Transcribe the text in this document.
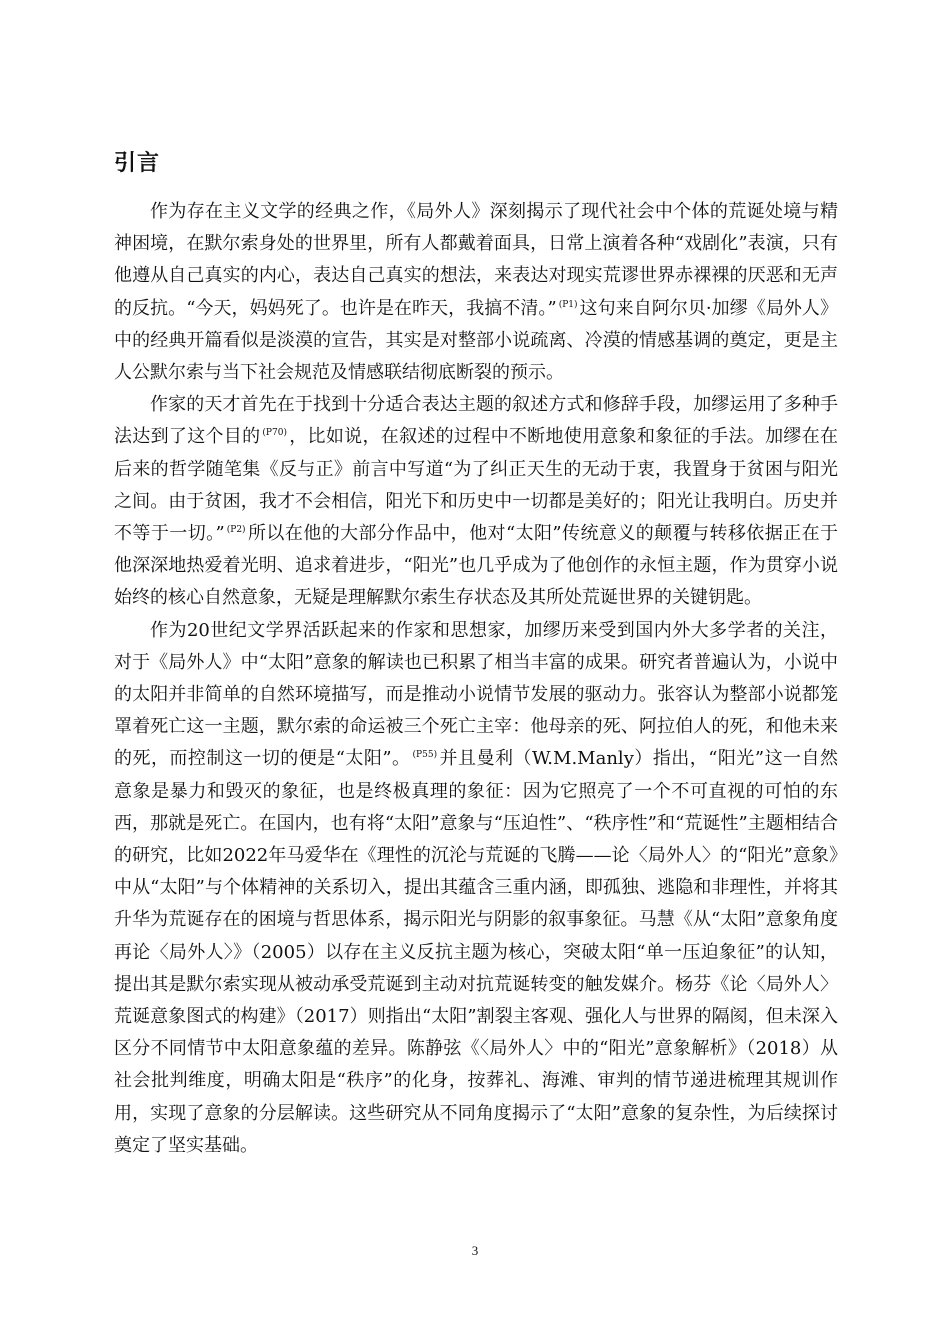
引言

作为存在主义文学的经典之作，《局外人》深刻揭示了现代社会中个体的荒诞处境与精神困境，在默尔索身处的世界里，所有人都戴着面具，日常上演着各种“戏剧化”表演，只有他遵从自己真实的内心，表达自己真实的想法，来表达对现实荒谬世界赤裸裸的厌恶和无声的反抗。“今天，妈妈死了。也许是在昨天，我搞不清。” $^{(P1)}$ 这句来自阿尔贝·加缪《局外人》中的经典开篇看似是淡漠的宣告，其实是对整部小说疏离、冷漠的情感基调的奠定，更是主人公默尔索与当下社会规范及情感联结彻底断裂的预示。

作家的天才首先在于找到十分适合表达主题的叙述方式和修辞手段，加缪运用了多种手法达到了这个目的 $^{(P70)}$ ，比如说，在叙述的过程中不断地使用意象和象征的手法。加缪在在后来的哲学随笔集《反与正》前言中写道“为了纠正天生的无动于衷，我置身于贫困与阳光之间。由于贫困，我才不会相信，阳光下和历史中一切都是美好的；阳光让我明白。历史并不等于一切。” $^{(P2)}$ 所以在他的大部分作品中，他对“太阳”传统意义的颠覆与转移依据正在于他深深地热爱着光明、追求着进步，“阳光”也几乎成为了他创作的永恒主题，作为贯穿小说始终的核心自然意象，无疑是理解默尔索生存状态及其所处荒诞世界的关键钥匙。

作为20世纪文学界活跃起来的作家和思想家，加缪历来受到国内外大多学者的关注，对于《局外人》中“太阳”意象的解读也已积累了相当丰富的成果。研究者普遍认为，小说中的太阳并非简单的自然环境描写，而是推动小说情节发展的驱动力。张容认为整部小说都笼罩着死亡这一主题，默尔索的命运被三个死亡主宰：他母亲的死、阿拉伯人的死，和他未来的死，而控制这一切的便是“太阳”。 $^{(P55)}$ 并且曼利（W.M.Manly）指出，“阳光”这一自然意象是暴力和毁灭的象征，也是终极真理的象征：因为它照亮了一个不可直视的可怕的东西，那就是死亡。在国内，也有将“太阳”意象与“压迫性”、“秩序性”和“荒诞性”主题相结合的研究，比如2022年马爱华在《理性的沉沦与荒诞的飞腾——论〈局外人〉的“阳光”意象》中从“太阳”与个体精神的关系切入，提出其蕴含三重内涵，即孤独、逃隐和非理性，并将其升华为荒诞存在的困境与哲思体系，揭示阳光与阴影的叙事象征。马慧《从“太阳”意象角度再论〈局外人〉》（2005）以存在主义反抗主题为核心，突破太阳“单一压迫象征”的认知，提出其是默尔索实现从被动承受荒诞到主动对抗荒诞转变的触发媒介。杨芬《论〈局外人〉荒诞意象图式的构建》（2017）则指出“太阳”割裂主客观、强化人与世界的隔阂，但未深入区分不同情节中太阳意象蕴的差异。陈静弦《〈局外人〉中的“阳光”意象解析》（2018）从社会批判维度，明确太阳是“秩序”的化身，按葬礼、海滩、审判的情节递进梳理其规训作用，实现了意象的分层解读。这些研究从不同角度揭示了“太阳”意象的复杂性，为后续探讨奠定了坚实基础。

3
